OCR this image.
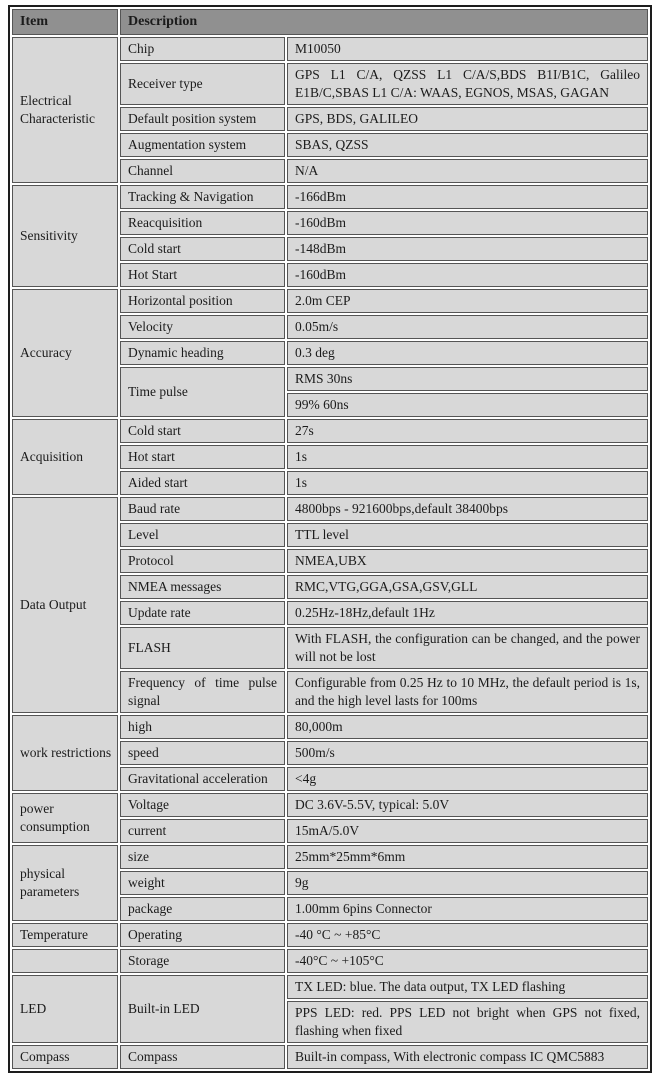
Item	Description	
Electrical Characteristic	Chip	M10050
	Receiver type	GPS L1 C/A, QZSS L1 C/A/S,BDS B1I/B1C, Galileo E1B/C,SBAS L1 C/A: WAAS, EGNOS, MSAS, GAGAN
	Default position system	GPS, BDS, GALILEO
	Augmentation system	SBAS, QZSS
	Channel	N/A
Sensitivity	Tracking & Navigation	-166dBm
	Reacquisition	-160dBm
	Cold start	-148dBm
	Hot Start	-160dBm
Accuracy	Horizontal position	2.0m CEP
	Velocity	0.05m/s
	Dynamic heading	0.3 deg
	Time pulse	RMS 30ns
		99% 60ns
Acquisition	Cold start	27s
	Hot start	1s
	Aided start	1s
Data Output	Baud rate	4800bps - 921600bps,default 38400bps
	Level	TTL level
	Protocol	NMEA,UBX
	NMEA messages	RMC,VTG,GGA,GSA,GSV,GLL
	Update rate	0.25Hz-18Hz,default 1Hz
	FLASH	With FLASH, the configuration can be changed, and the power will not be lost
	Frequency of time pulse signal	Configurable from 0.25 Hz to 10 MHz, the default period is 1s, and the high level lasts for 100ms
work restrictions	high	80,000m
	speed	500m/s
	Gravitational acceleration	<4g
power consumption	Voltage	DC 3.6V-5.5V, typical: 5.0V
	current	15mA/5.0V
physical parameters	size	25mm*25mm*6mm
	weight	9g
	package	1.00mm 6pins Connector
Temperature	Operating	-40 °C ~ +85°C
	Storage	-40°C ~ +105°C
LED	Built-in LED	TX LED: blue. The data output, TX LED flashing
		PPS LED: red. PPS LED not bright when GPS not fixed, flashing when fixed
Compass	Compass	Built-in compass, With electronic compass IC QMC5883
